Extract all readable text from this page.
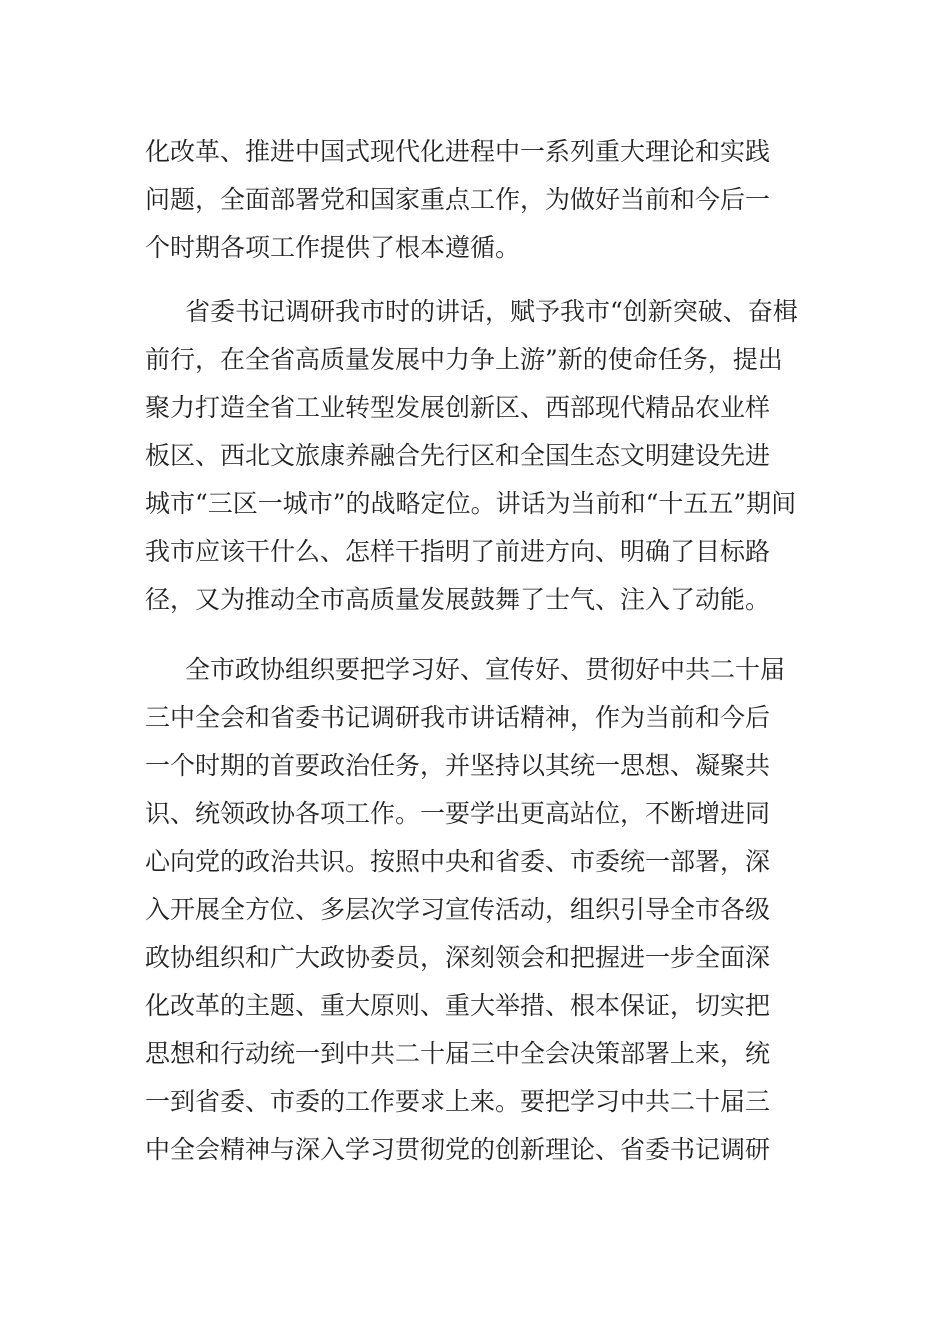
化改革、推进中国式现代化进程中一系列重大理论和实践
问题，全面部署党和国家重点工作，为做好当前和今后一
个时期各项工作提供了根本遵循。
省委书记调研我市时的讲话，赋予我市“创新突破、奋楫
前行，在全省高质量发展中力争上游”新的使命任务，提出
聚力打造全省工业转型发展创新区、西部现代精品农业样
板区、西北文旅康养融合先行区和全国生态文明建设先进
城市“三区一城市”的战略定位。讲话为当前和“十五五”期间
我市应该干什么、怎样干指明了前进方向、明确了目标路
径，又为推动全市高质量发展鼓舞了士气、注入了动能。
全市政协组织要把学习好、宣传好、贯彻好中共二十届
三中全会和省委书记调研我市讲话精神，作为当前和今后
一个时期的首要政治任务，并坚持以其统一思想、凝聚共
识、统领政协各项工作。一要学出更高站位，不断增进同
心向党的政治共识。按照中央和省委、市委统一部署，深
入开展全方位、多层次学习宣传活动，组织引导全市各级
政协组织和广大政协委员，深刻领会和把握进一步全面深
化改革的主题、重大原则、重大举措、根本保证，切实把
思想和行动统一到中共二十届三中全会决策部署上来，统
一到省委、市委的工作要求上来。要把学习中共二十届三
中全会精神与深入学习贯彻党的创新理论、省委书记调研
